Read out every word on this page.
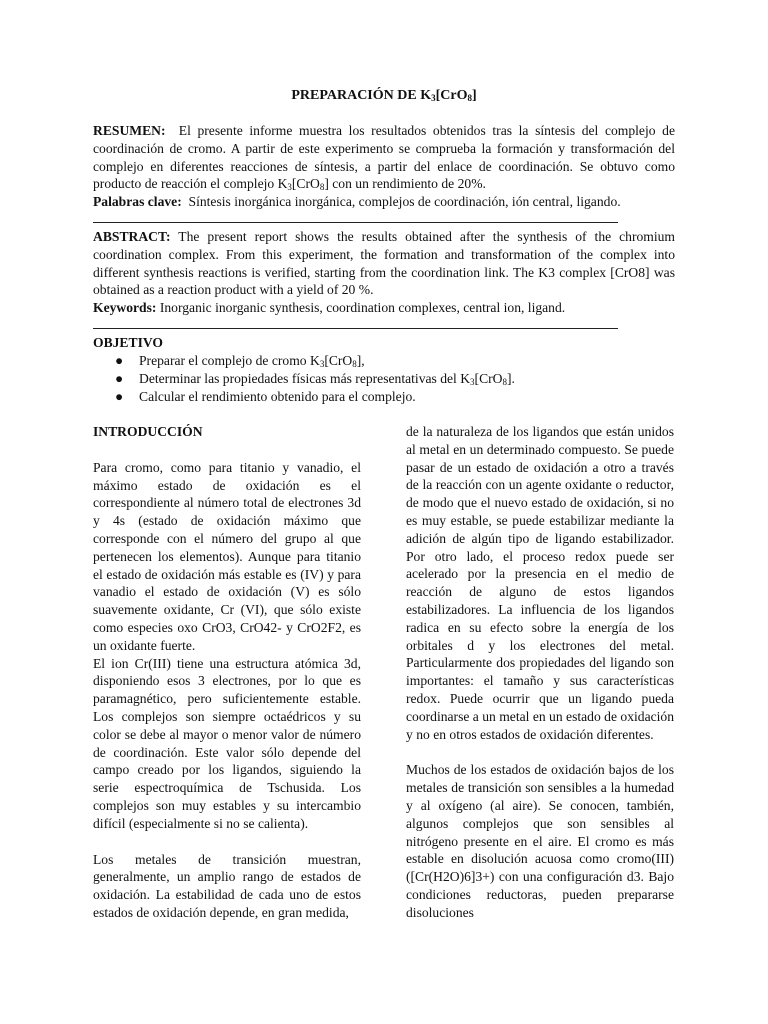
PREPARACIÓN DE $K_3[CrO_8]$
RESUMEN: El presente informe muestra los resultados obtenidos tras la síntesis del complejo de coordinación de cromo. A partir de este experimento se comprueba la formación y transformación del complejo en diferentes reacciones de síntesis, a partir del enlace de coordinación. Se obtuvo como producto de reacción el complejo $K_3[CrO_8]$ con un rendimiento de 20%.
Palabras clave: Síntesis inorgánica inorgánica, complejos de coordinación, ión central, ligando.
ABSTRACT: The present report shows the results obtained after the synthesis of the chromium coordination complex. From this experiment, the formation and transformation of the complex into different synthesis reactions is verified, starting from the coordination link. The K3 complex [CrO8] was obtained as a reaction product with a yield of 20 %.
Keywords: Inorganic inorganic synthesis, coordination complexes, central ion, ligand.
OBJETIVO
● Preparar el complejo de cromo $K_3[CrO_8]$,
● Determinar las propiedades físicas más representativas del $K_3[CrO_8]$.
● Calcular el rendimiento obtenido para el complejo.

INTRODUCCIÓN

Para cromo, como para titanio y vanadio, el máximo estado de oxidación es el correspondiente al número total de electrones 3d y 4s (estado de oxidación máximo que corresponde con el número del grupo al que pertenecen los elementos). Aunque para titanio el estado de oxidación más estable es (IV) y para vanadio el estado de oxidación (V) es sólo suavemente oxidante, Cr (VI), que sólo existe como especies oxo CrO3, CrO42- y CrO2F2, es un oxidante fuerte.

El ion Cr(III) tiene una estructura atómica 3d, disponiendo esos 3 electrones, por lo que es paramagnético, pero suficientemente estable. Los complejos son siempre octaédricos y su color se debe al mayor o menor valor de número de coordinación. Este valor sólo depende del campo creado por los ligandos, siguiendo la serie espectroquímica de Tschusida. Los complejos son muy estables y su intercambio difícil (especialmente si no se calienta).

Los metales de transición muestran, generalmente, un amplio rango de estados de oxidación. La estabilidad de cada uno de estos estados de oxidación depende, en gran medida,

de la naturaleza de los ligandos que están unidos al metal en un determinado compuesto. Se puede pasar de un estado de oxidación a otro a través de la reacción con un agente oxidante o reductor, de modo que el nuevo estado de oxidación, si no es muy estable, se puede estabilizar mediante la adición de algún tipo de ligando estabilizador. Por otro lado, el proceso redox puede ser acelerado por la presencia en el medio de reacción de alguno de estos ligandos estabilizadores. La influencia de los ligandos radica en su efecto sobre la energía de los orbitales d y los electrones del metal. Particularmente dos propiedades del ligando son importantes: el tamaño y sus características redox. Puede ocurrir que un ligando pueda coordinarse a un metal en un estado de oxidación y no en otros estados de oxidación diferentes.

Muchos de los estados de oxidación bajos de los metales de transición son sensibles a la humedad y al oxígeno (al aire). Se conocen, también, algunos complejos que son sensibles al nitrógeno presente en el aire. El cromo es más estable en disolución acuosa como cromo(III) ([Cr(H2O)6]3+) con una configuración d3. Bajo condiciones reductoras, pueden prepararse disoluciones
